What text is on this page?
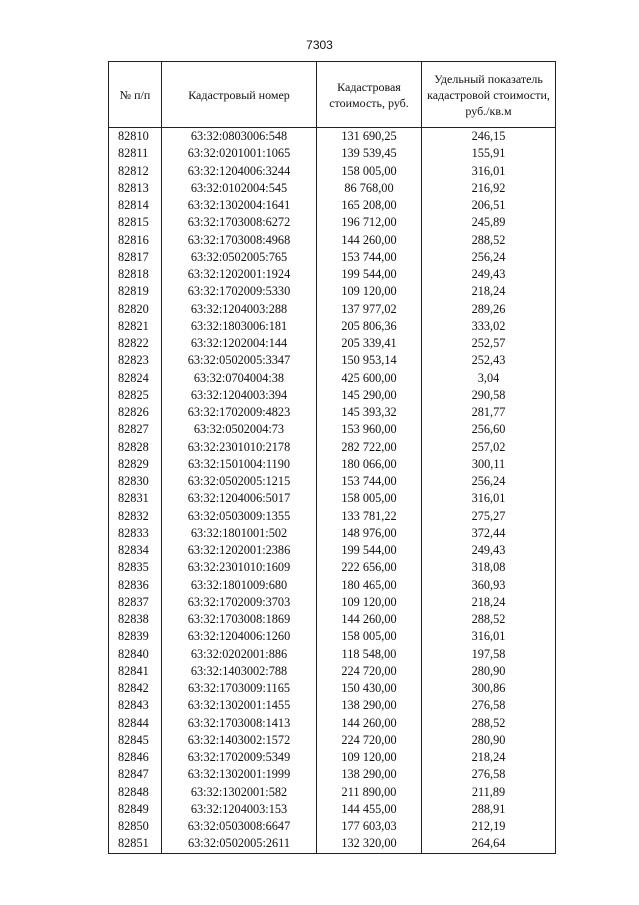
7303
№ п/п	Кадастровый номер	Кадастровая стоимость, руб.	Удельный показатель кадастровой стоимости, руб./кв.м
82810	63:32:0803006:548	131 690,25	246,15
82811	63:32:0201001:1065	139 539,45	155,91
82812	63:32:1204006:3244	158 005,00	316,01
82813	63:32:0102004:545	86 768,00	216,92
82814	63:32:1302004:1641	165 208,00	206,51
82815	63:32:1703008:6272	196 712,00	245,89
82816	63:32:1703008:4968	144 260,00	288,52
82817	63:32:0502005:765	153 744,00	256,24
82818	63:32:1202001:1924	199 544,00	249,43
82819	63:32:1702009:5330	109 120,00	218,24
82820	63:32:1204003:288	137 977,02	289,26
82821	63:32:1803006:181	205 806,36	333,02
82822	63:32:1202004:144	205 339,41	252,57
82823	63:32:0502005:3347	150 953,14	252,43
82824	63:32:0704004:38	425 600,00	3,04
82825	63:32:1204003:394	145 290,00	290,58
82826	63:32:1702009:4823	145 393,32	281,77
82827	63:32:0502004:73	153 960,00	256,60
82828	63:32:2301010:2178	282 722,00	257,02
82829	63:32:1501004:1190	180 066,00	300,11
82830	63:32:0502005:1215	153 744,00	256,24
82831	63:32:1204006:5017	158 005,00	316,01
82832	63:32:0503009:1355	133 781,22	275,27
82833	63:32:1801001:502	148 976,00	372,44
82834	63:32:1202001:2386	199 544,00	249,43
82835	63:32:2301010:1609	222 656,00	318,08
82836	63:32:1801009:680	180 465,00	360,93
82837	63:32:1702009:3703	109 120,00	218,24
82838	63:32:1703008:1869	144 260,00	288,52
82839	63:32:1204006:1260	158 005,00	316,01
82840	63:32:0202001:886	118 548,00	197,58
82841	63:32:1403002:788	224 720,00	280,90
82842	63:32:1703009:1165	150 430,00	300,86
82843	63:32:1302001:1455	138 290,00	276,58
82844	63:32:1703008:1413	144 260,00	288,52
82845	63:32:1403002:1572	224 720,00	280,90
82846	63:32:1702009:5349	109 120,00	218,24
82847	63:32:1302001:1999	138 290,00	276,58
82848	63:32:1302001:582	211 890,00	211,89
82849	63:32:1204003:153	144 455,00	288,91
82850	63:32:0503008:6647	177 603,03	212,19
82851	63:32:0502005:2611	132 320,00	264,64
